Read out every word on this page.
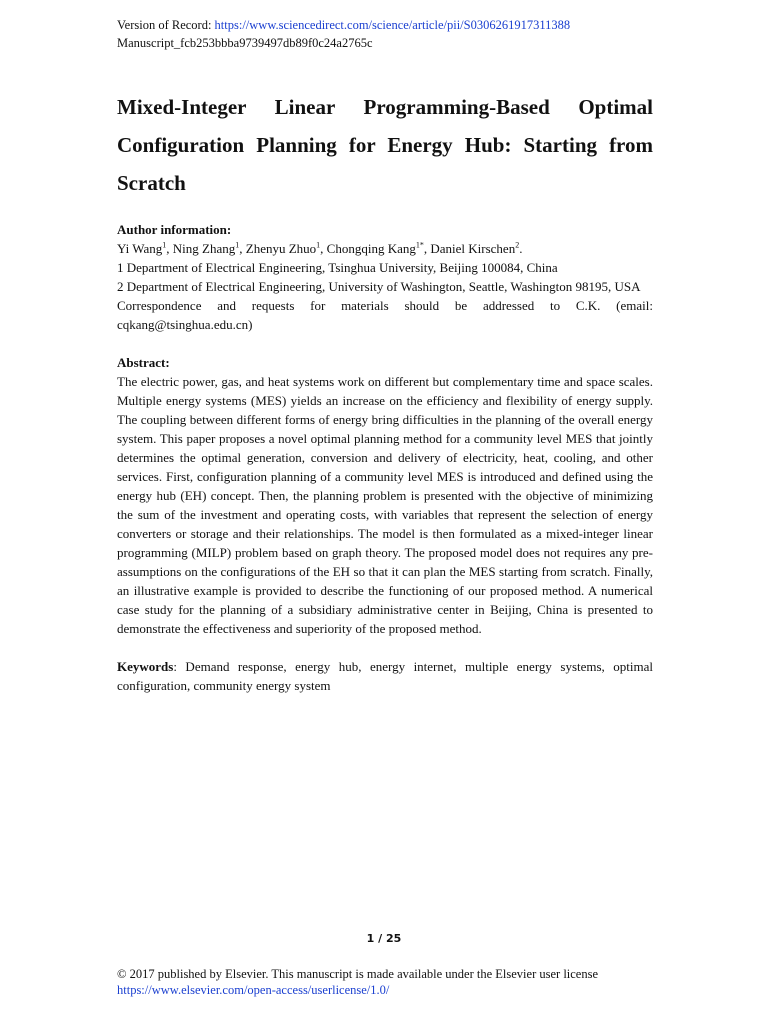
Version of Record: https://www.sciencedirect.com/science/article/pii/S0306261917311388
Manuscript_fcb253bbba9739497db89f0c24a2765c
Mixed-Integer Linear Programming-Based Optimal Configuration Planning for Energy Hub: Starting from Scratch

Author information:

Yi Wang$^1$, Ning Zhang$^1$, Zhenyu Zhuo$^1$, Chongqing Kang$^{1*}$, Daniel Kirschen$^2$.

1 Department of Electrical Engineering, Tsinghua University, Beijing 100084, China

2 Department of Electrical Engineering, University of Washington, Seattle, Washington 98195, USA

Correspondence and requests for materials should be addressed to C.K. (email: cqkang@tsinghua.edu.cn)

Abstract:

The electric power, gas, and heat systems work on different but complementary time and space scales. Multiple energy systems (MES) yields an increase on the efficiency and flexibility of energy supply. The coupling between different forms of energy bring difficulties in the planning of the overall energy system. This paper proposes a novel optimal planning method for a community level MES that jointly determines the optimal generation, conversion and delivery of electricity, heat, cooling, and other services. First, configuration planning of a community level MES is introduced and defined using the energy hub (EH) concept. Then, the planning problem is presented with the objective of minimizing the sum of the investment and operating costs, with variables that represent the selection of energy converters or storage and their relationships. The model is then formulated as a mixed-integer linear programming (MILP) problem based on graph theory. The proposed model does not requires any pre-assumptions on the configurations of the EH so that it can plan the MES starting from scratch. Finally, an illustrative example is provided to describe the functioning of our proposed method. A numerical case study for the planning of a subsidiary administrative center in Beijing, China is presented to demonstrate the effectiveness and superiority of the proposed method.

Keywords: Demand response, energy hub, energy internet, multiple energy systems, optimal configuration, community energy system

1 / 25
© 2017 published by Elsevier. This manuscript is made available under the Elsevier user license
https://www.elsevier.com/open-access/userlicense/1.0/
